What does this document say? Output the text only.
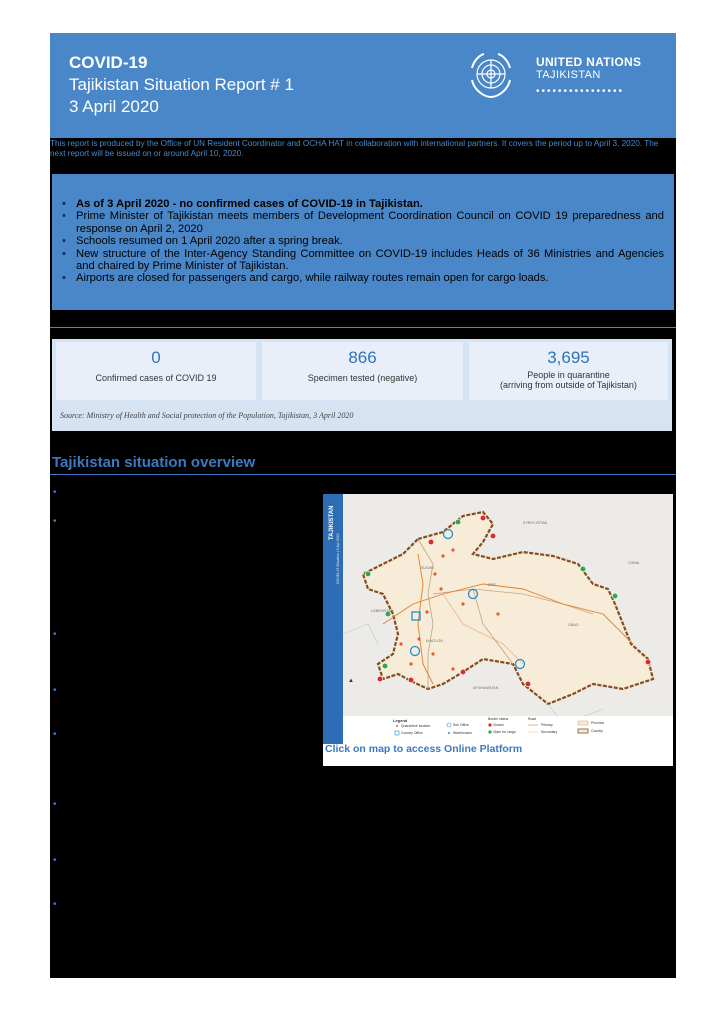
COVID-19
Tajikistan Situation Report # 1
3 April 2020
UNITED NATIONS
TAJIKISTAN
••••••••••••••••
This report is produced by the Office of UN Resident Coordinator and OCHA HAT in collaboration with international partners. It covers the period up to April 3, 2020. The next report will be issued on or around April 10, 2020.
• As of 3 April 2020 - no confirmed cases of COVID-19 in Tajikistan.
• Prime Minister of Tajikistan meets members of Development Coordination Council on COVID 19 preparedness and response on April 2, 2020
• Schools resumed on 1 April 2020 after a spring break.
• New structure of the Inter-Agency Standing Committee on COVID-19 includes Heads of 36 Ministries and Agencies and chaired by Prime Minister of Tajikistan.
• Airports are closed for passengers and cargo, while railway routes remain open for cargo loads.
0
Confirmed cases of COVID 19
866
Specimen tested (negative)
3,695
People in quarantine
(arriving from outside of Tajikistan)
Source: Ministry of Health and Social protection of the Population, Tajikistan, 3 April 2020
Tajikistan situation overview
•
•
•
•
•
•
•
•
TAJIKISTAN
COVID-19 Situation | 3 Apr 2020	SUGHD
DRS
GBAO
KHATLON
CHINA
UZBEKISTAN
KYRGYZSTAN
AFGHANISTAN
▲
Legend
Quarantine location
Country Office
Sub Office
Warehouses
Border status
Closed
Open for cargo
Road
Primary
Secondary
Province
Country
Click on map to access Online Platform
